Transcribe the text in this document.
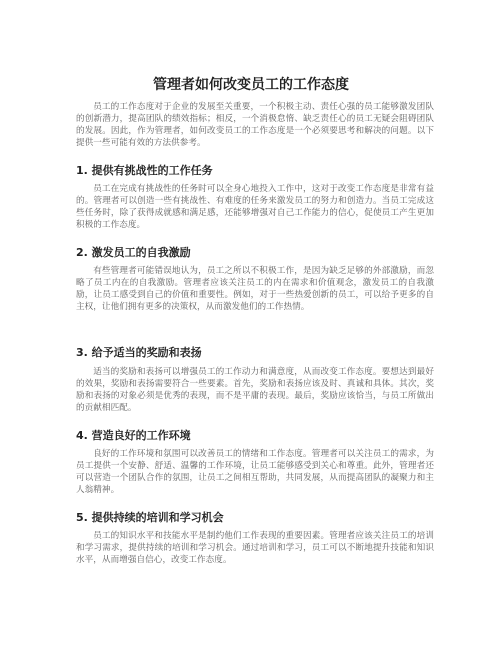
管理者如何改变员工的工作态度

员工的工作态度对于企业的发展至关重要，一个积极主动、责任心强的员工能够激发团队的创新潜力，提高团队的绩效指标；相反，一个消极怠惰、缺乏责任心的员工无疑会阻碍团队的发展。因此，作为管理者，如何改变员工的工作态度是一个必须要思考和解决的问题。以下提供一些可能有效的方法供参考。

1. 提供有挑战性的工作任务

员工在完成有挑战性的任务时可以全身心地投入工作中，这对于改变工作态度是非常有益的。管理者可以创造一些有挑战性、有难度的任务来激发员工的努力和创造力。当员工完成这些任务时，除了获得成就感和满足感，还能够增强对自己工作能力的信心，促使员工产生更加积极的工作态度。

2. 激发员工的自我激励

有些管理者可能错误地认为，员工之所以不积极工作，是因为缺乏足够的外部激励，而忽略了员工内在的自我激励。管理者应该关注员工的内在需求和价值观念，激发员工的自我激励，让员工感受到自己的价值和重要性。例如，对于一些热爱创新的员工，可以给予更多的自主权，让他们拥有更多的决策权，从而激发他们的工作热情。

3. 给予适当的奖励和表扬

适当的奖励和表扬可以增强员工的工作动力和满意度，从而改变工作态度。要想达到最好的效果，奖励和表扬需要符合一些要素。首先，奖励和表扬应该及时、真诚和具体。其次，奖励和表扬的对象必须是优秀的表现，而不是平庸的表现。最后，奖励应该恰当，与员工所做出的贡献相匹配。

4. 营造良好的工作环境

良好的工作环境和氛围可以改善员工的情绪和工作态度。管理者可以关注员工的需求，为员工提供一个安静、舒适、温馨的工作环境，让员工能够感受到关心和尊重。此外，管理者还可以营造一个团队合作的氛围，让员工之间相互帮助，共同发展，从而提高团队的凝聚力和主人翁精神。

5. 提供持续的培训和学习机会

员工的知识水平和技能水平是制约他们工作表现的重要因素。管理者应该关注员工的培训和学习需求，提供持续的培训和学习机会。通过培训和学习，员工可以不断地提升技能和知识水平，从而增强自信心，改变工作态度。
